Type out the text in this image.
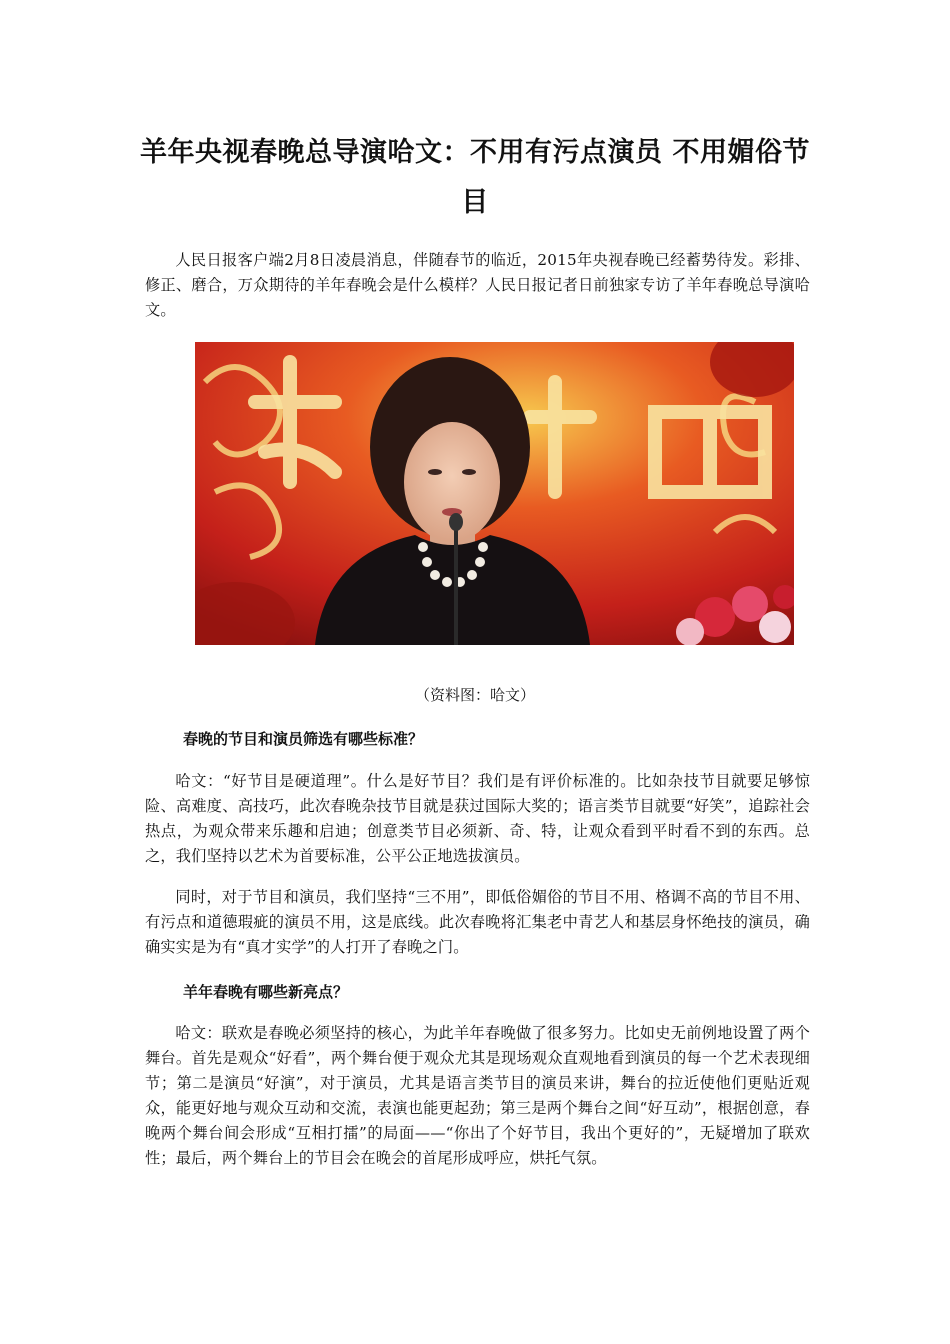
羊年央视春晚总导演哈文：不用有污点演员 不用媚俗节目

人民日报客户端2月8日凌晨消息，伴随春节的临近，2015年央视春晚已经蓄势待发。彩排、修正、磨合，万众期待的羊年春晚会是什么模样？人民日报记者日前独家专访了羊年春晚总导演哈文。

（资料图：哈文）

春晚的节目和演员筛选有哪些标准？

哈文：“好节目是硬道理”。什么是好节目？我们是有评价标准的。比如杂技节目就要足够惊险、高难度、高技巧，此次春晚杂技节目就是获过国际大奖的；语言类节目就要“好笑”，追踪社会热点，为观众带来乐趣和启迪；创意类节目必须新、奇、特，让观众看到平时看不到的东西。总之，我们坚持以艺术为首要标准，公平公正地选拔演员。

同时，对于节目和演员，我们坚持“三不用”，即低俗媚俗的节目不用、格调不高的节目不用、有污点和道德瑕疵的演员不用，这是底线。此次春晚将汇集老中青艺人和基层身怀绝技的演员，确确实实是为有“真才实学”的人打开了春晚之门。

羊年春晚有哪些新亮点？

哈文：联欢是春晚必须坚持的核心，为此羊年春晚做了很多努力。比如史无前例地设置了两个舞台。首先是观众“好看”，两个舞台便于观众尤其是现场观众直观地看到演员的每一个艺术表现细节；第二是演员“好演”，对于演员，尤其是语言类节目的演员来讲，舞台的拉近使他们更贴近观众，能更好地与观众互动和交流，表演也能更起劲；第三是两个舞台之间“好互动”，根据创意，春晚两个舞台间会形成“互相打擂”的局面——“你出了个好节目，我出个更好的”，无疑增加了联欢性；最后，两个舞台上的节目会在晚会的首尾形成呼应，烘托气氛。
